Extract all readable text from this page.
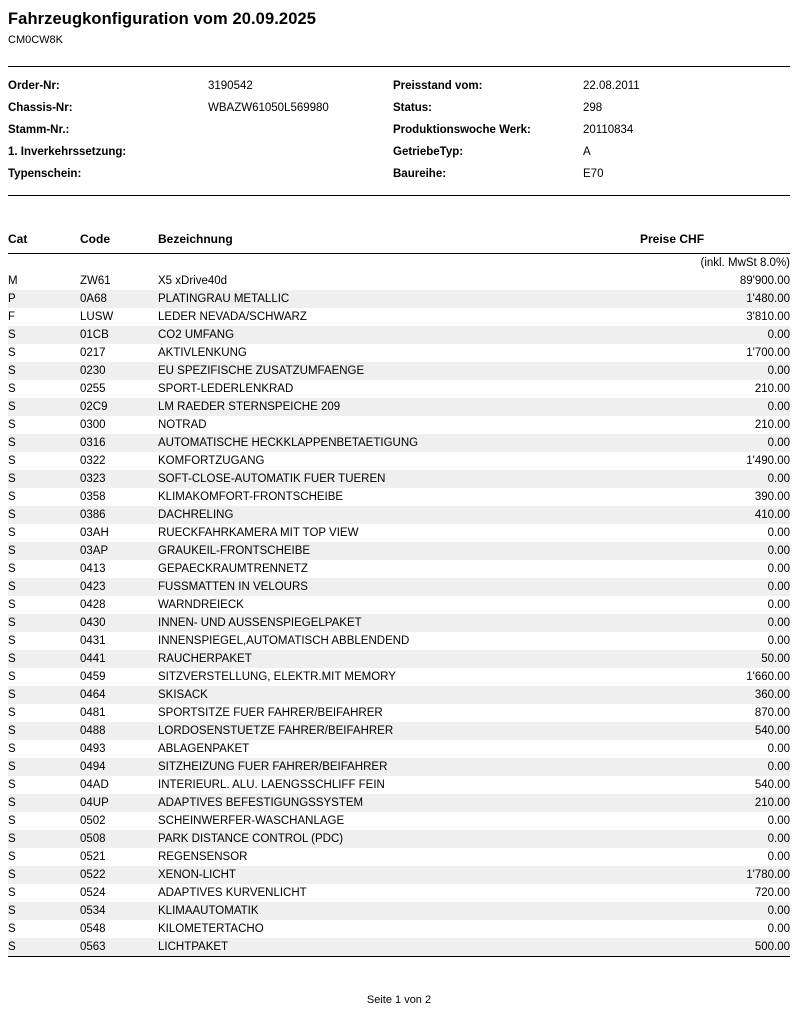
Fahrzeugkonfiguration vom 20.09.2025
CM0CW8K
Order-Nr:	3190542	Preisstand vom:	22.08.2011
Chassis-Nr:	WBAZW61050L569980	Status:	298
Stamm-Nr.:		Produktionswoche Werk:	20110834
1. Inverkehrssetzung:		GetriebeTyp:	A
Typenschein:		Baureihe:	E70
Cat	Code	Bezeichnung	Preise CHF
			(inkl. MwSt 8.0%)
M	ZW61	X5 xDrive40d	89'900.00
P	0A68	PLATINGRAU METALLIC	1'480.00
F	LUSW	LEDER NEVADA/SCHWARZ	3'810.00
S	01CB	CO2 UMFANG	0.00
S	0217	AKTIVLENKUNG	1'700.00
S	0230	EU SPEZIFISCHE ZUSATZUMFAENGE	0.00
S	0255	SPORT-LEDERLENKRAD	210.00
S	02C9	LM RAEDER STERNSPEICHE 209	0.00
S	0300	NOTRAD	210.00
S	0316	AUTOMATISCHE HECKKLAPPENBETAETIGUNG	0.00
S	0322	KOMFORTZUGANG	1'490.00
S	0323	SOFT-CLOSE-AUTOMATIK FUER TUEREN	0.00
S	0358	KLIMAKOMFORT-FRONTSCHEIBE	390.00
S	0386	DACHRELING	410.00
S	03AH	RUECKFAHRKAMERA MIT TOP VIEW	0.00
S	03AP	GRAUKEIL-FRONTSCHEIBE	0.00
S	0413	GEPAECKRAUMTRENNETZ	0.00
S	0423	FUSSMATTEN IN VELOURS	0.00
S	0428	WARNDREIECK	0.00
S	0430	INNEN- UND AUSSENSPIEGELPAKET	0.00
S	0431	INNENSPIEGEL,AUTOMATISCH ABBLENDEND	0.00
S	0441	RAUCHERPAKET	50.00
S	0459	SITZVERSTELLUNG, ELEKTR.MIT MEMORY	1'660.00
S	0464	SKISACK	360.00
S	0481	SPORTSITZE FUER FAHRER/BEIFAHRER	870.00
S	0488	LORDOSENSTUETZE FAHRER/BEIFAHRER	540.00
S	0493	ABLAGENPAKET	0.00
S	0494	SITZHEIZUNG FUER FAHRER/BEIFAHRER	0.00
S	04AD	INTERIEURL. ALU. LAENGSSCHLIFF FEIN	540.00
S	04UP	ADAPTIVES BEFESTIGUNGSSYSTEM	210.00
S	0502	SCHEINWERFER-WASCHANLAGE	0.00
S	0508	PARK DISTANCE CONTROL (PDC)	0.00
S	0521	REGENSENSOR	0.00
S	0522	XENON-LICHT	1'780.00
S	0524	ADAPTIVES KURVENLICHT	720.00
S	0534	KLIMAAUTOMATIK	0.00
S	0548	KILOMETERTACHO	0.00
S	0563	LICHTPAKET	500.00
Seite 1 von 2
